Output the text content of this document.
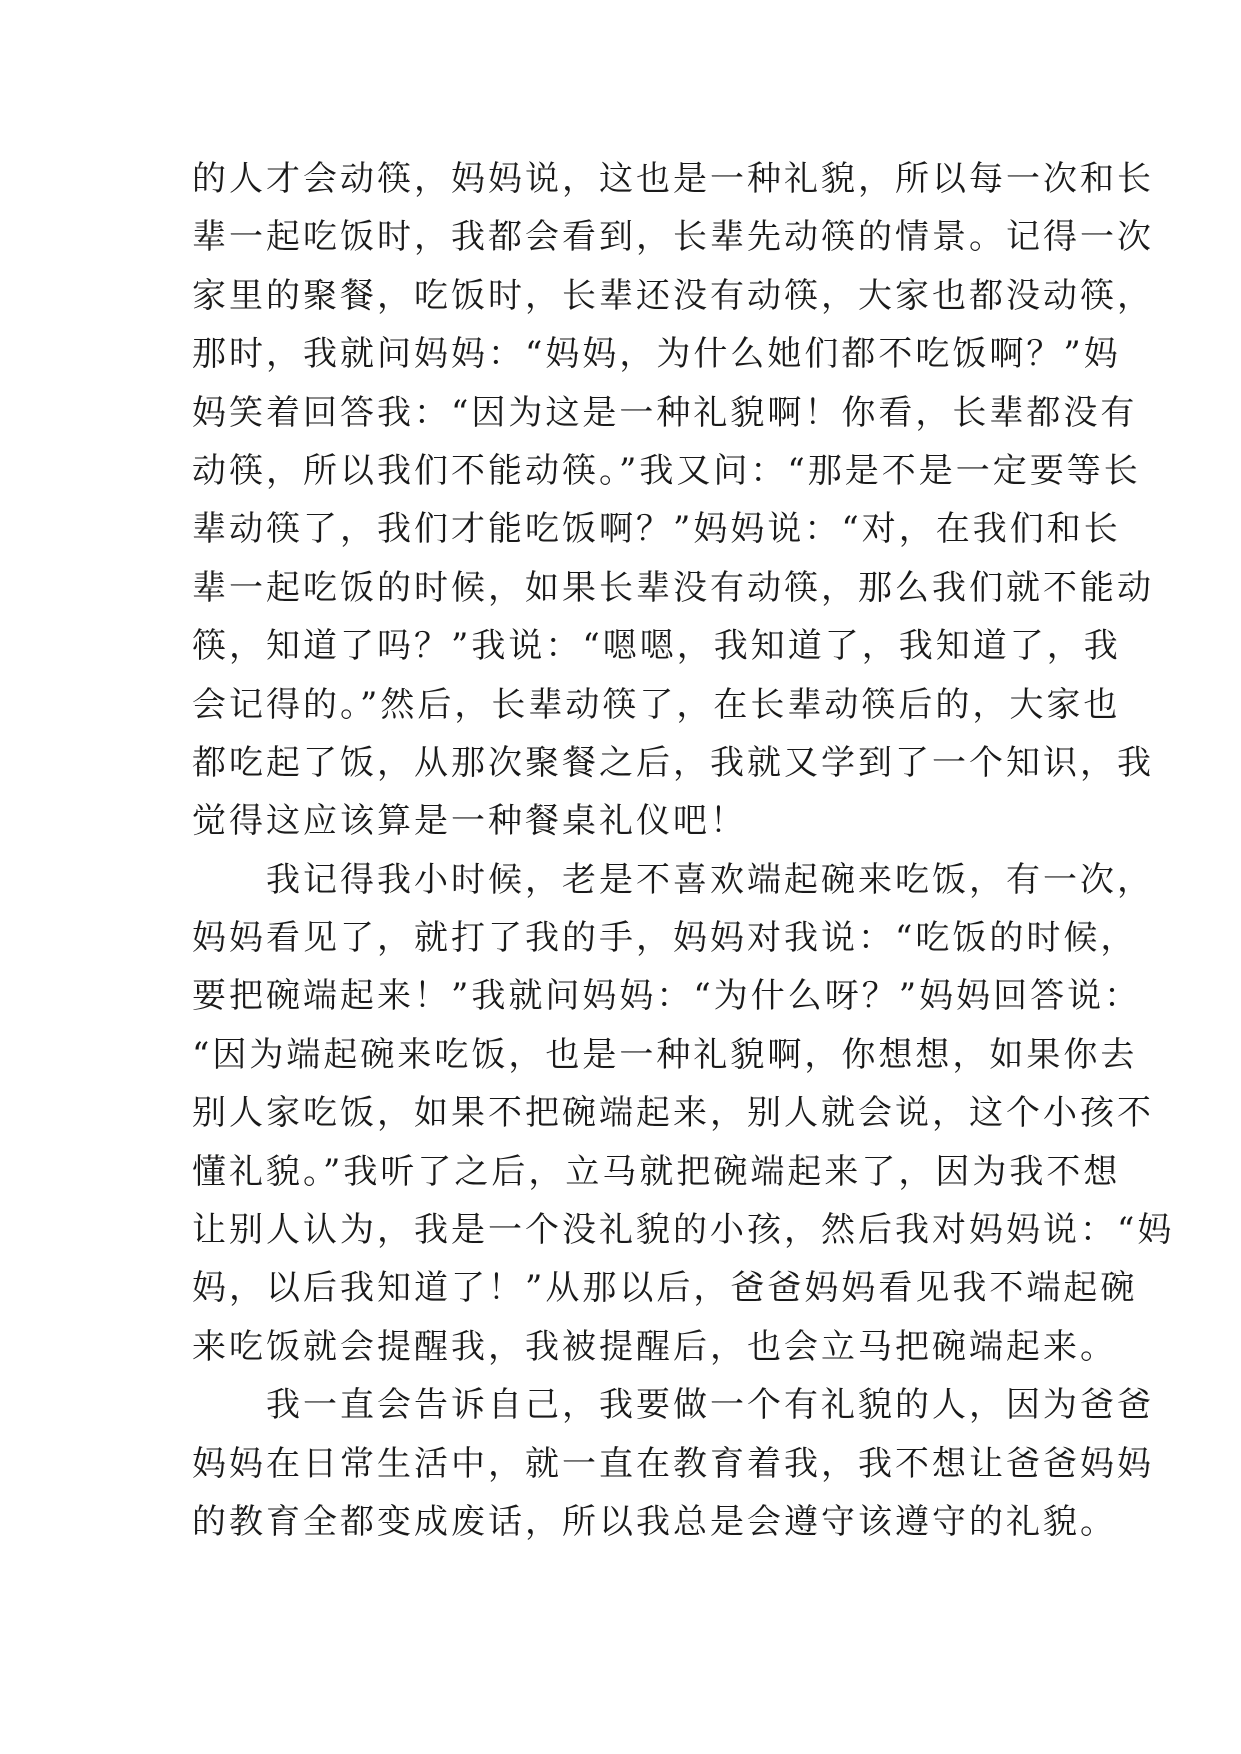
的人才会动筷，妈妈说，这也是一种礼貌，所以每一次和长
辈一起吃饭时，我都会看到，长辈先动筷的情景。记得一次
家里的聚餐，吃饭时，长辈还没有动筷，大家也都没动筷，
那时，我就问妈妈：“妈妈，为什么她们都不吃饭啊？”妈
妈笑着回答我：“因为这是一种礼貌啊！你看，长辈都没有
动筷，所以我们不能动筷。”我又问：“那是不是一定要等长
辈动筷了，我们才能吃饭啊？”妈妈说：“对，在我们和长
辈一起吃饭的时候，如果长辈没有动筷，那么我们就不能动
筷，知道了吗？”我说：“嗯嗯，我知道了，我知道了，我
会记得的。”然后，长辈动筷了，在长辈动筷后的，大家也
都吃起了饭，从那次聚餐之后，我就又学到了一个知识，我
觉得这应该算是一种餐桌礼仪吧！
　　我记得我小时候，老是不喜欢端起碗来吃饭，有一次，
妈妈看见了，就打了我的手，妈妈对我说：“吃饭的时候，
要把碗端起来！”我就问妈妈：“为什么呀？”妈妈回答说：
“因为端起碗来吃饭，也是一种礼貌啊，你想想，如果你去
别人家吃饭，如果不把碗端起来，别人就会说，这个小孩不
懂礼貌。”我听了之后，立马就把碗端起来了，因为我不想
让别人认为，我是一个没礼貌的小孩，然后我对妈妈说：“妈
妈，以后我知道了！”从那以后，爸爸妈妈看见我不端起碗
来吃饭就会提醒我，我被提醒后，也会立马把碗端起来。
　　我一直会告诉自己，我要做一个有礼貌的人，因为爸爸
妈妈在日常生活中，就一直在教育着我，我不想让爸爸妈妈
的教育全都变成废话，所以我总是会遵守该遵守的礼貌。
